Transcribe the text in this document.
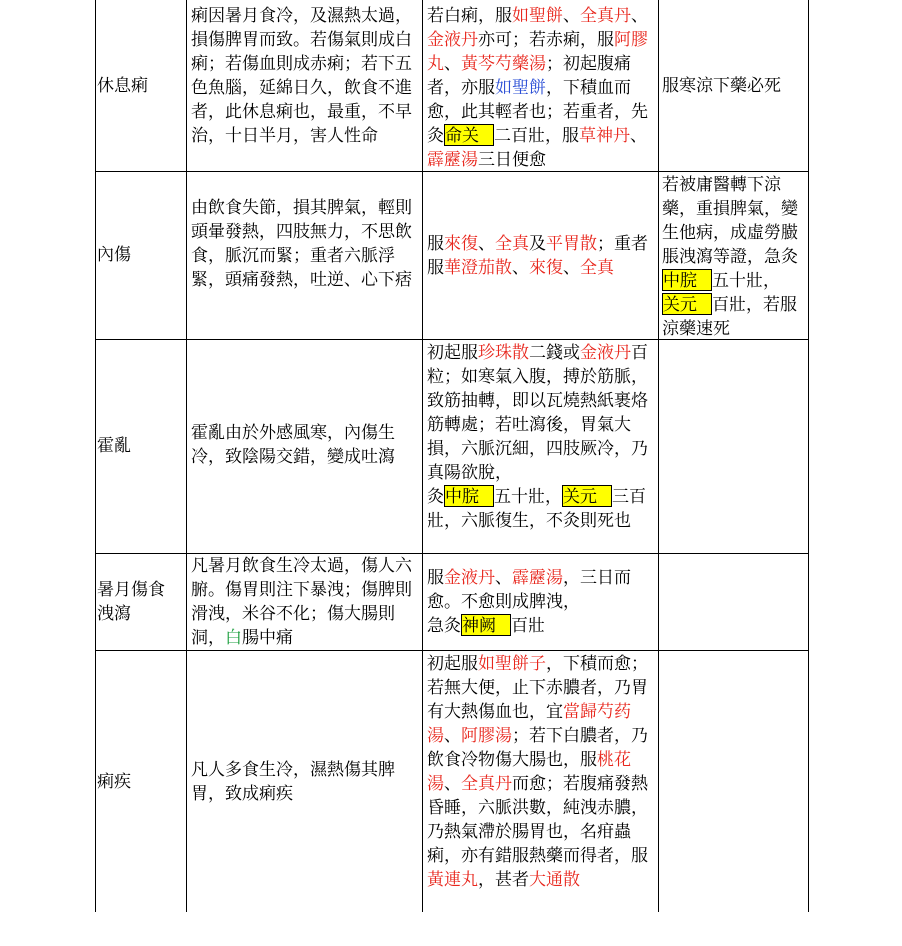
休息痢
痢因暑月食冷，及濕熱太過，損傷脾胃而致。若傷氣則成白痢；若傷血則成赤痢；若下五色魚腦，延綿日久，飲食不進者，此休息痢也，最重，不早治，十日半月，害人性命
若白痢，服如聖餅、全真丹、金液丹亦可；若赤痢，服阿膠丸、黃芩芍藥湯；初起腹痛者，亦服如聖餅，下積血而愈，此其輕者也；若重者，先灸命关 二百壯，服草神丹、霹靂湯三日便愈
服寒涼下藥必死
內傷
由飲食失節，損其脾氣，輕則頭暈發熱，四肢無力，不思飲食，脈沉而緊；重者六脈浮緊，頭痛發熱，吐逆、心下痞
服來復、全真及平胃散；重者服華澄茄散、來復、全真
若被庸醫轉下涼藥，重損脾氣，變生他病，成虛勞臌脹洩瀉等證，急灸中脘 五十壯，关元 百壯，若服涼藥速死
霍亂
霍亂由於外感風寒，內傷生冷，致陰陽交錯，變成吐瀉
初起服珍珠散二錢或金液丹百粒；如寒氣入腹，搏於筋脈，致筋抽轉，即以瓦燒熱紙裹烙筋轉處；若吐瀉後，胃氣大損，六脈沉細，四肢厥冷，乃真陽欲脫，
灸中脘 五十壯，关元 三百壯，六脈復生，不灸則死也
暑月傷食洩瀉
凡暑月飲食生冷太過，傷人六腑。傷胃則注下暴洩；傷脾則滑洩，米谷不化；傷大腸則洞，白腸中痛
服金液丹、霹靂湯，三日而愈。不愈則成脾洩，
急灸神阙 百壯
痢疾
凡人多食生冷，濕熱傷其脾胃，致成痢疾
初起服如聖餅子，下積而愈；若無大便，止下赤膿者，乃胃有大熱傷血也，宜當歸芍药湯、阿膠湯；若下白膿者，乃飲食冷物傷大腸也，服桃花湯、全真丹而愈；若腹痛發熱昏睡，六脈洪數，純洩赤膿，乃熱氣滯於腸胃也，名疳蟲痢，亦有錯服熱藥而得者，服黃連丸，甚者大通散
